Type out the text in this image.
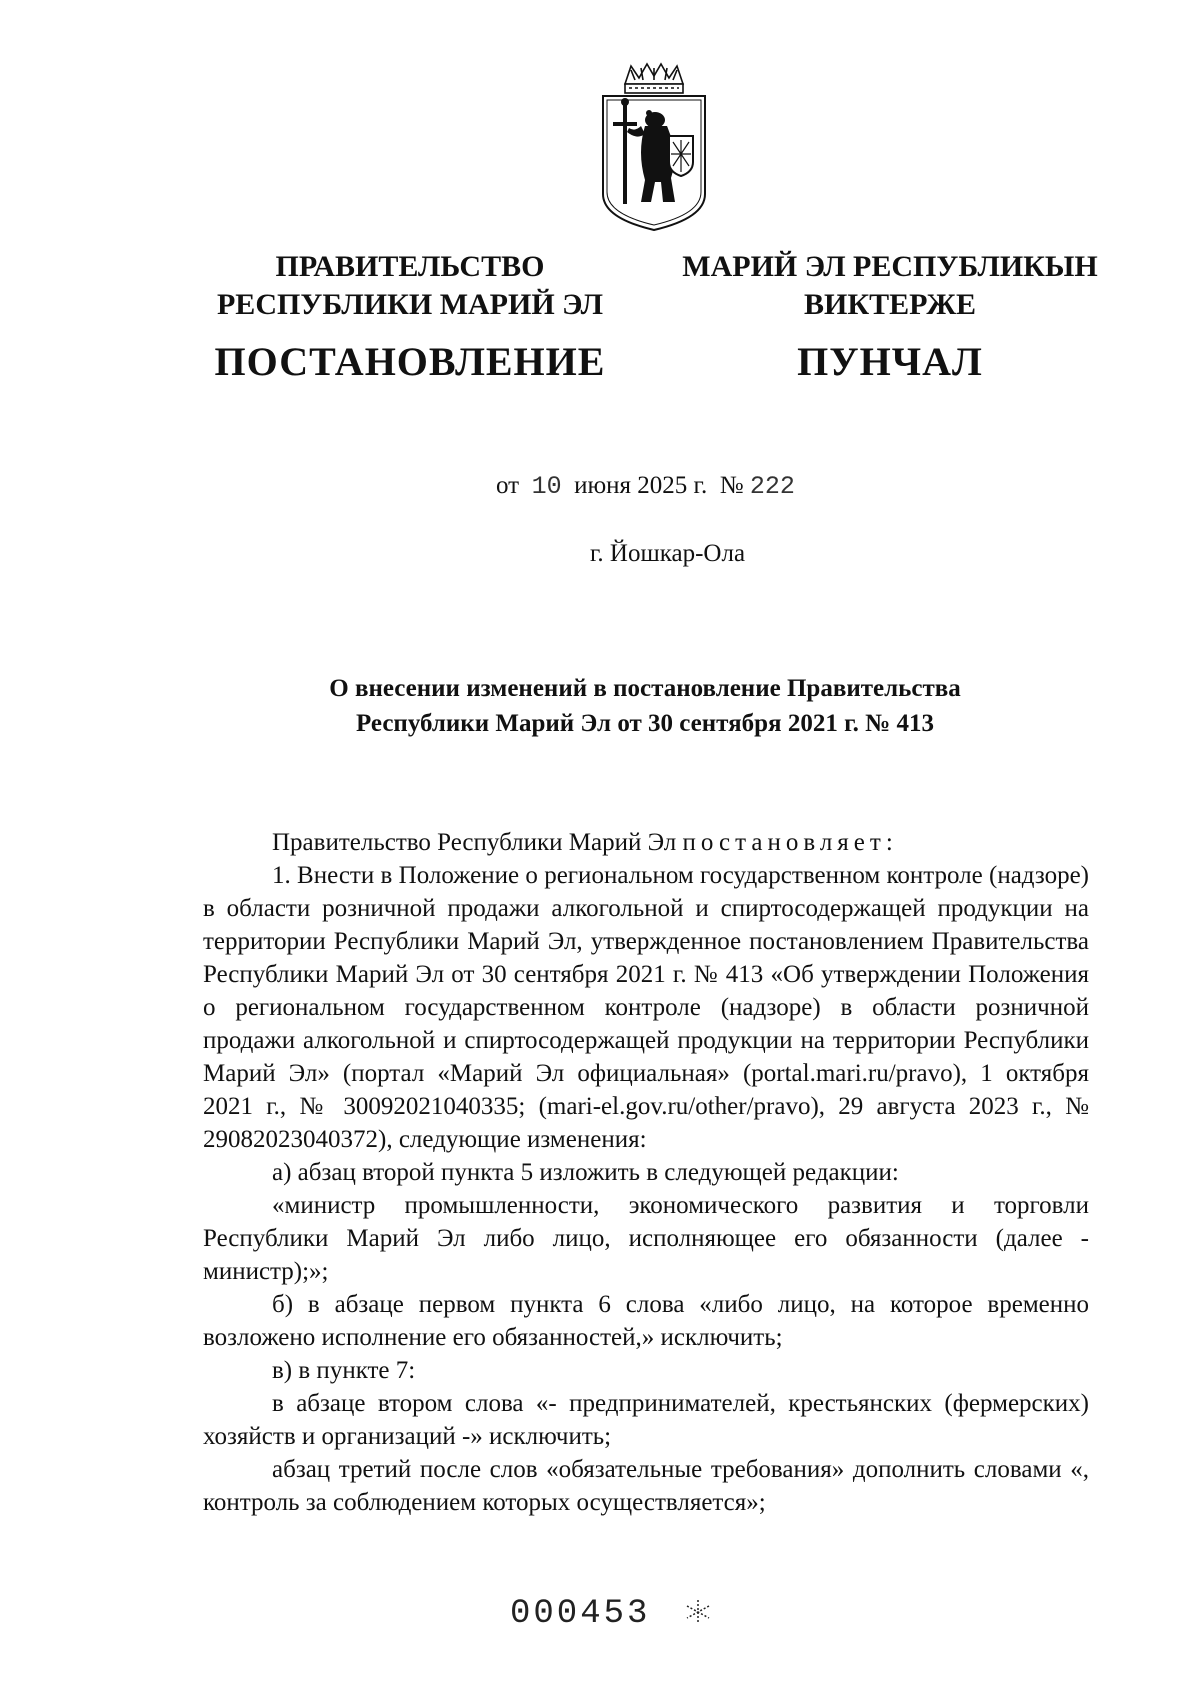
ПРАВИТЕЛЬСТВО
РЕСПУБЛИКИ МАРИЙ ЭЛ
ПОСТАНОВЛЕНИЕ
МАРИЙ ЭЛ РЕСПУБЛИКЫН
ВИКТЕРЖЕ
ПУНЧАЛ
от 10 июня 2025 г. № 222
г. Йошкар-Ола
О внесении изменений в постановление Правительства
Республики Марий Эл от 30 сентября 2021 г. № 413

Правительство Республики Марий Эл постановляет:

1. Внести в Положение о региональном государственном контроле (надзоре) в области розничной продажи алкогольной и спиртосодержащей продукции на территории Республики Марий Эл, утвержденное постановлением Правительства Республики Марий Эл от 30 сентября 2021 г. № 413 «Об утверждении Положения о региональном государственном контроле (надзоре) в области розничной продажи алкогольной и спиртосодержащей продукции на территории Республики Марий Эл» (портал «Марий Эл официальная» (portal.mari.ru/pravo), 1 октября 2021 г., № 30092021040335; (mari-el.gov.ru/other/pravo), 29 августа 2023 г., № 29082023040372), следующие изменения:

а) абзац второй пункта 5 изложить в следующей редакции:

«министр промышленности, экономического развития и торговли Республики Марий Эл либо лицо, исполняющее его обязанности (далее - министр);»;

б) в абзаце первом пункта 6 слова «либо лицо, на которое временно возложено исполнение его обязанностей,» исключить;

в) в пункте 7:

в абзаце втором слова «- предпринимателей, крестьянских (фермерских) хозяйств и организаций -» исключить;

абзац третий после слов «обязательные требования» дополнить словами «, контроль за соблюдением которых осуществляется»;

000453
